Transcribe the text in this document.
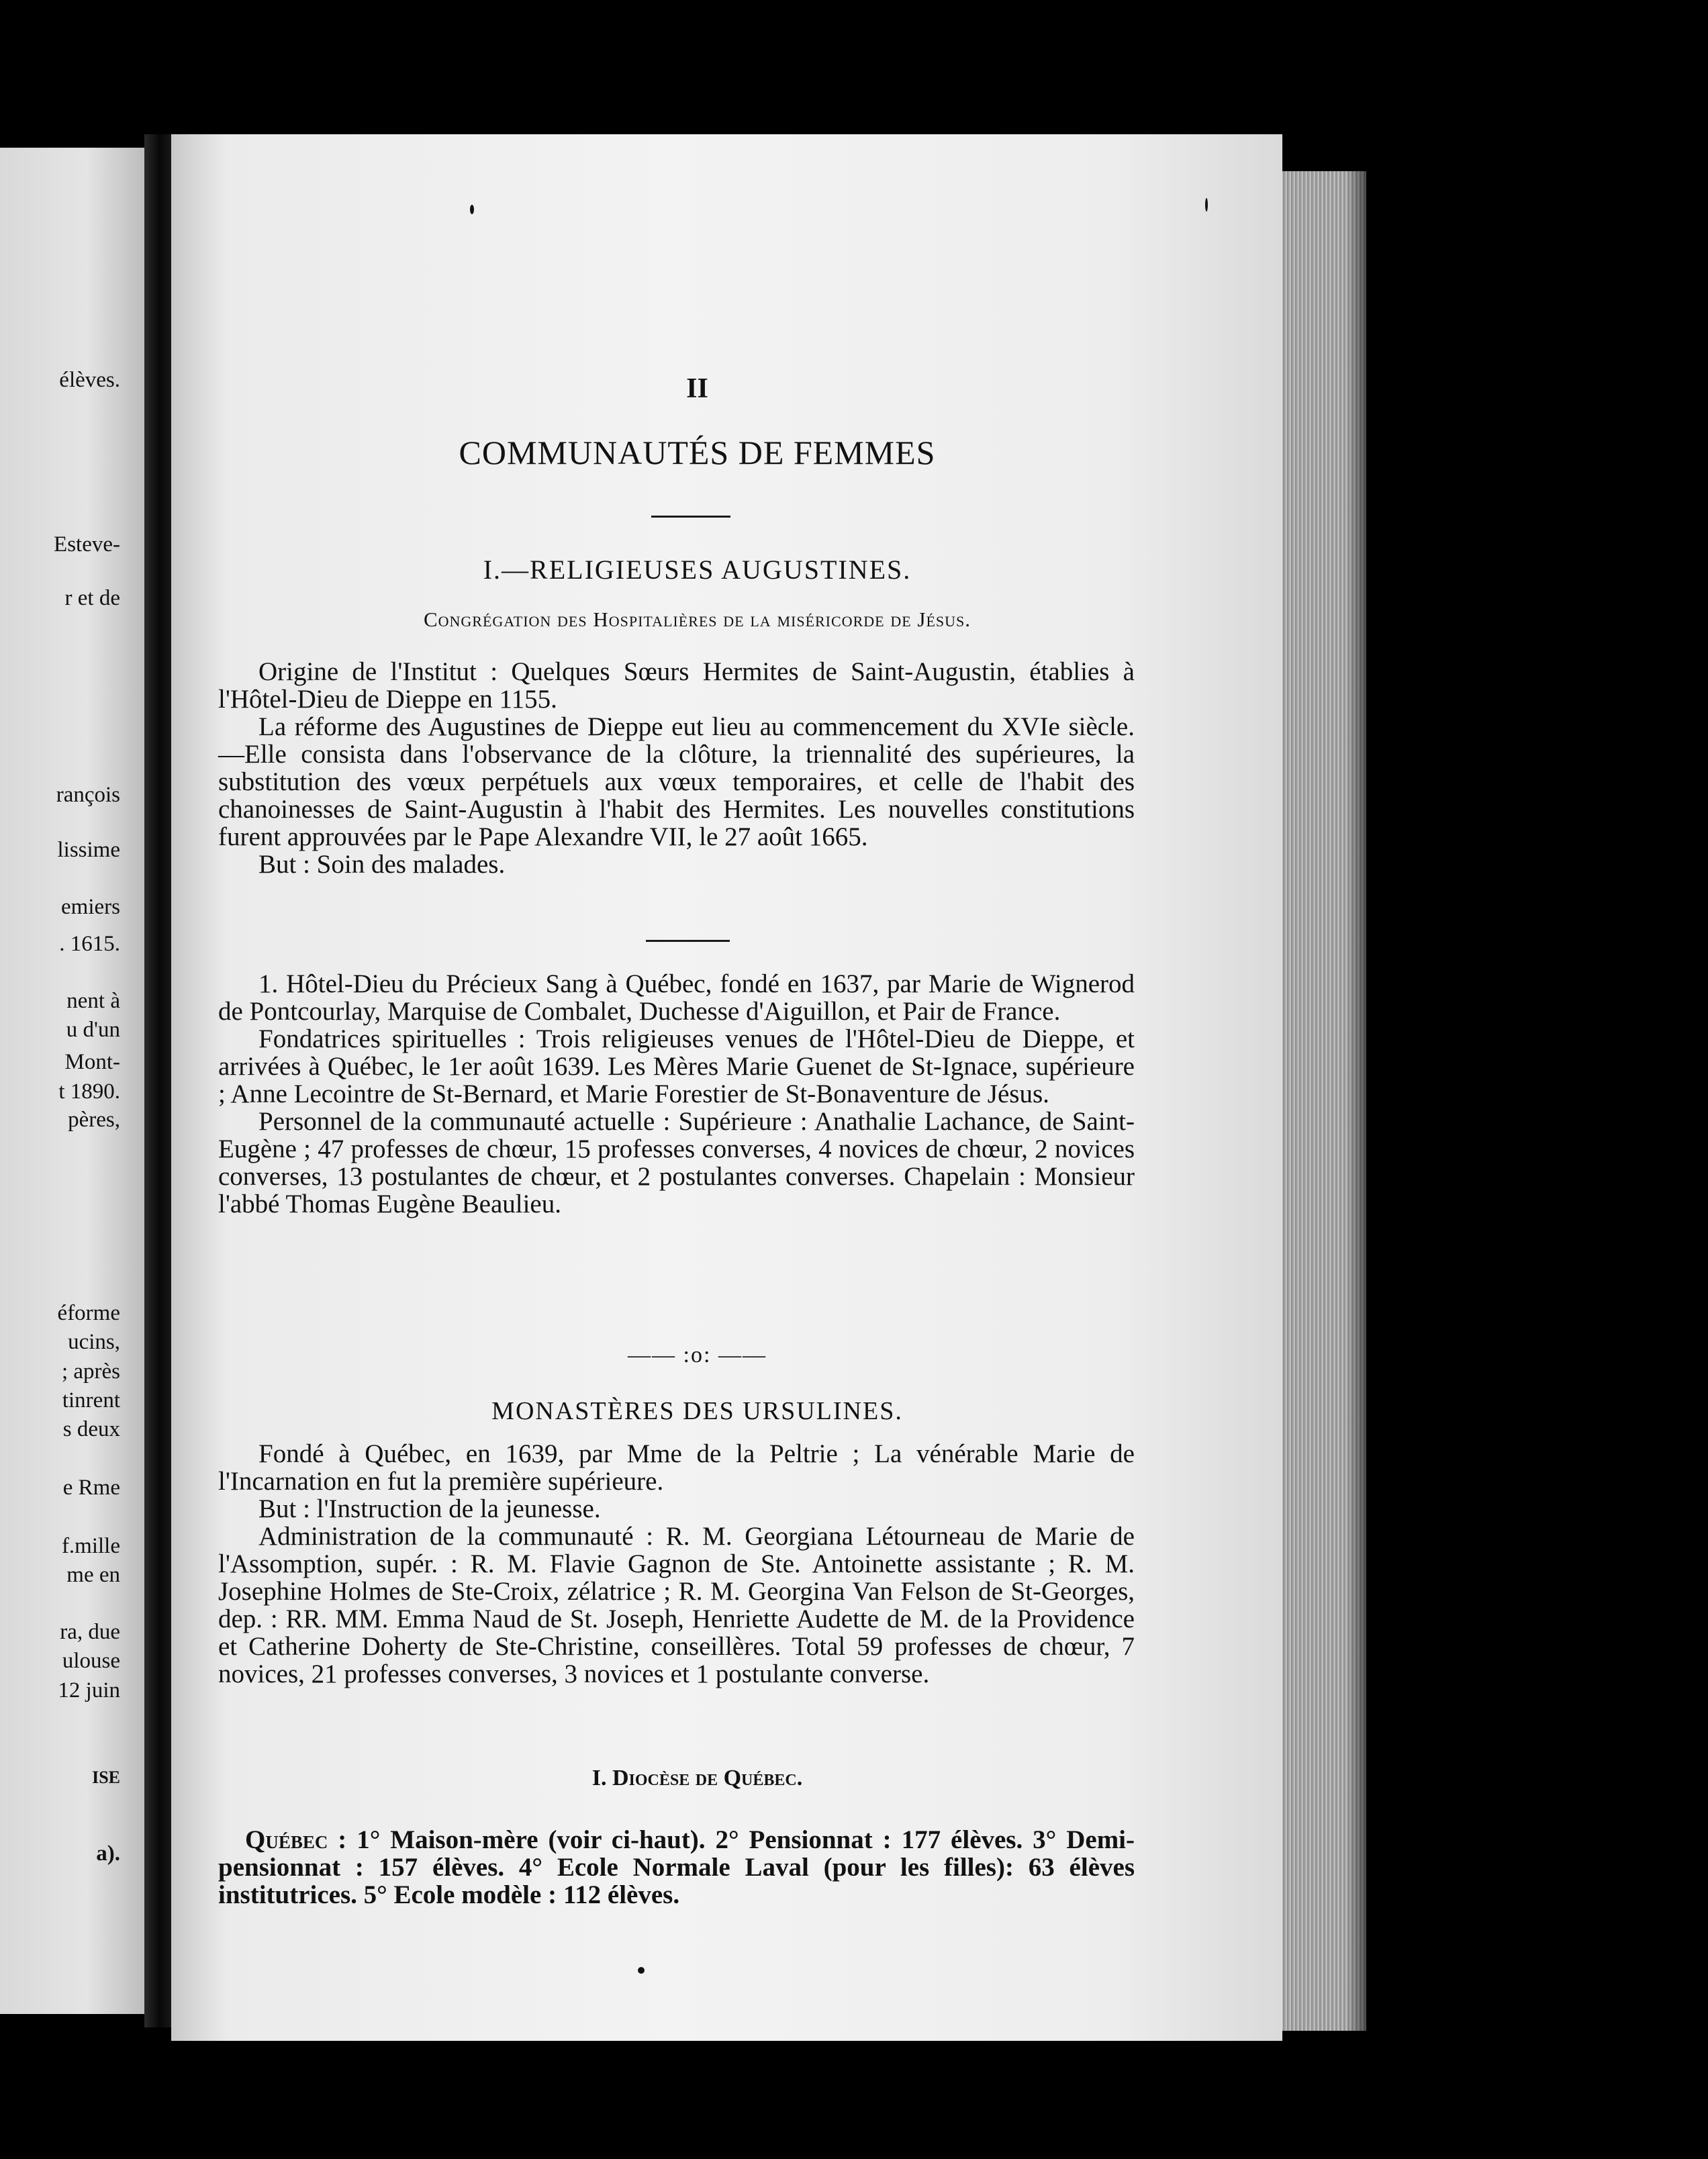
élèves.
Esteve-
r et de
rançois
lissime
emiers
. 1615.
nent à
u d'un
Mont-
t 1890.
pères,
éforme
ucins,
; après
tinrent
s deux
e Rme
f.mille
me en
ra, due
ulouse
12 juin
ISE
a).
II
COMMUNAUTÉS DE FEMMES
I.—RELIGIEUSES AUGUSTINES.
Congrégation des Hospitalières de la miséricorde de Jésus.

Origine de l'Institut : Quelques Sœurs Hermites de Saint-Augustin, établies à l'Hôtel-Dieu de Dieppe en 1155.

La réforme des Augustines de Dieppe eut lieu au commencement du XVIe siècle.—Elle consista dans l'observance de la clôture, la triennalité des supérieures, la substitution des vœux perpétuels aux vœux temporaires, et celle de l'habit des chanoinesses de Saint-Augustin à l'habit des Hermites. Les nouvelles constitutions furent approuvées par le Pape Alexandre VII, le 27 août 1665.

But : Soin des malades.

1. Hôtel-Dieu du Précieux Sang à Québec, fondé en 1637, par Marie de Wignerod de Pontcourlay, Marquise de Combalet, Duchesse d'Aiguillon, et Pair de France.

Fondatrices spirituelles : Trois religieuses venues de l'Hôtel-Dieu de Dieppe, et arrivées à Québec, le 1er août 1639. Les Mères Marie Guenet de St-Ignace, supérieure ; Anne Lecointre de St-Bernard, et Marie Forestier de St-Bonaventure de Jésus.

Personnel de la communauté actuelle : Supérieure : Anathalie Lachance, de Saint-Eugène ; 47 professes de chœur, 15 professes converses, 4 novices de chœur, 2 novices converses, 13 postulantes de chœur, et 2 postulantes converses. Chapelain : Monsieur l'abbé Thomas Eugène Beaulieu.

—— :o: ——
MONASTÈRES DES URSULINES.

Fondé à Québec, en 1639, par Mme de la Peltrie ; La vénérable Marie de l'Incarnation en fut la première supérieure.

But : l'Instruction de la jeunesse.

Administration de la communauté : R. M. Georgiana Létourneau de Marie de l'Assomption, supér. : R. M. Flavie Gagnon de Ste. Antoinette assistante ; R. M. Josephine Holmes de Ste-Croix, zélatrice ; R. M. Georgina Van Felson de St-Georges, dep. : RR. MM. Emma Naud de St. Joseph, Henriette Audette de M. de la Providence et Catherine Doherty de Ste-Christine, conseillères. Total 59 professes de chœur, 7 novices, 21 professes converses, 3 novices et 1 postulante converse.

I. Diocèse de Québec.

Québec : 1° Maison-mère (voir ci-haut). 2° Pensionnat : 177 élèves. 3° Demi-pensionnat : 157 élèves. 4° Ecole Normale Laval (pour les filles): 63 élèves institutrices. 5° Ecole modèle : 112 élèves.
